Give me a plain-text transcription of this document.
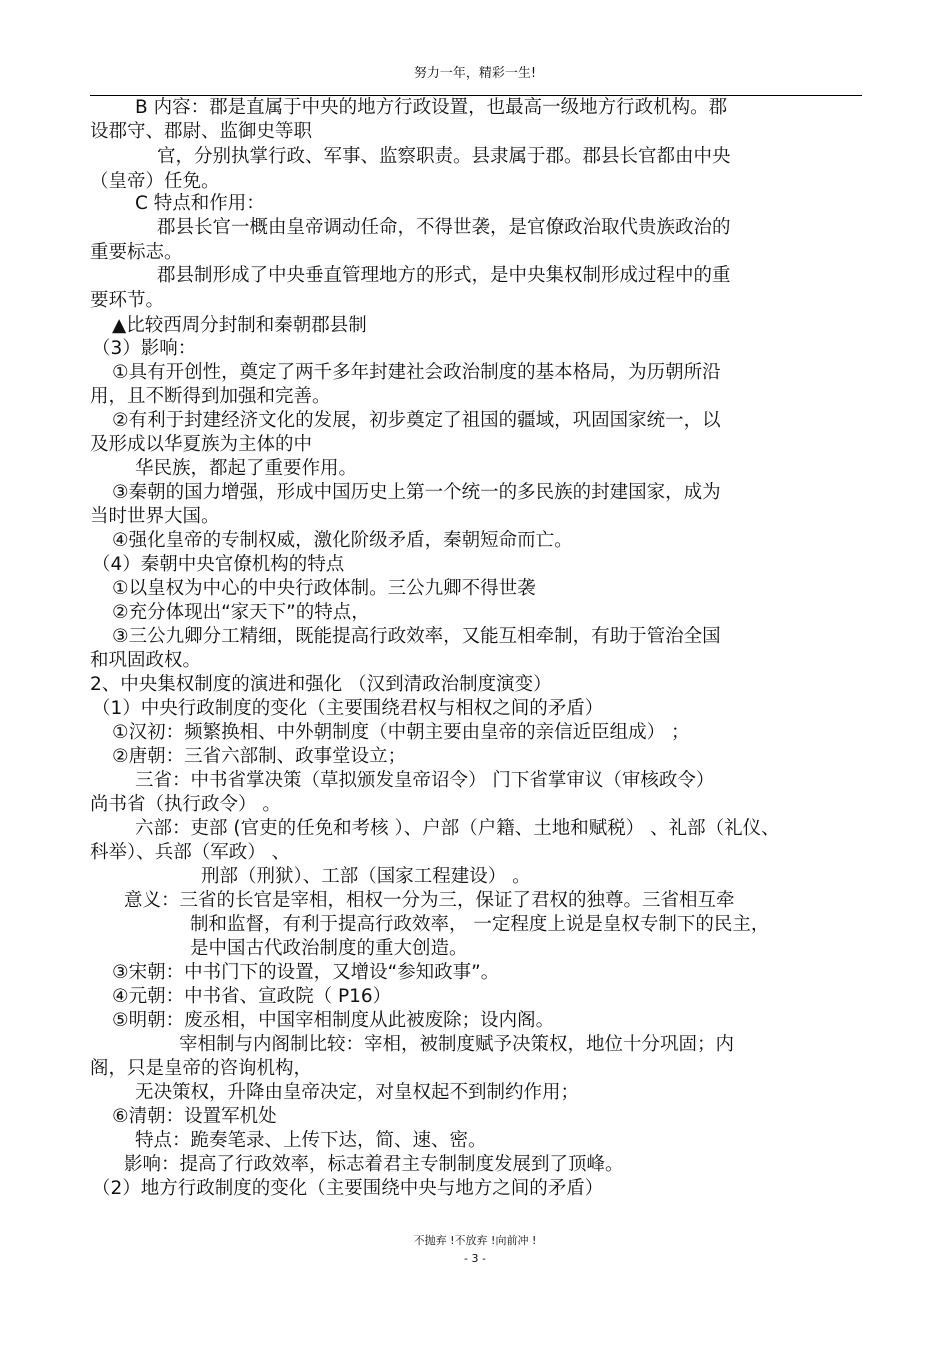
努力一年，精彩一生!
B 内容：郡是直属于中央的地方行政设置，也最高一级地方行政机构。郡
设郡守、郡尉、监御史等职
官，分别执掌行政、军事、监察职责。县隶属于郡。郡县长官都由中央
（皇帝）任免。
C 特点和作用：
郡县长官一概由皇帝调动任命，不得世袭，是官僚政治取代贵族政治的
重要标志。
郡县制形成了中央垂直管理地方的形式，是中央集权制形成过程中的重
要环节。
▲比较西周分封制和秦朝郡县制
（3）影响：
①具有开创性，奠定了两千多年封建社会政治制度的基本格局，为历朝所沿
用，且不断得到加强和完善。
②有利于封建经济文化的发展，初步奠定了祖国的疆域，巩固国家统一，以
及形成以华夏族为主体的中
华民族，都起了重要作用。
③秦朝的国力增强，形成中国历史上第一个统一的多民族的封建国家，成为
当时世界大国。
④强化皇帝的专制权威，激化阶级矛盾，秦朝短命而亡。
（4）秦朝中央官僚机构的特点
①以皇权为中心的中央行政体制。三公九卿不得世袭
②充分体现出“家天下”的特点，
③三公九卿分工精细，既能提高行政效率，又能互相牵制，有助于管治全国
和巩固政权。
2、中央集权制度的演进和强化 （汉到清政治制度演变）
（1）中央行政制度的变化（主要围绕君权与相权之间的矛盾）
①汉初：频繁换相、中外朝制度（中朝主要由皇帝的亲信近臣组成） ；
②唐朝：三省六部制、政事堂设立；
三省：中书省掌决策（草拟颁发皇帝诏令） 门下省掌审议（审核政令）
尚书省（执行政令） 。
六部：吏部 (官吏的任免和考核 ）、户部（户籍、土地和赋税） 、礼部（礼仪、
科举）、兵部（军政） 、
刑部（刑狱）、工部（国家工程建设） 。
意义：三省的长官是宰相，相权一分为三，保证了君权的独尊。三省相互牵
制和监督，有利于提高行政效率， 一定程度上说是皇权专制下的民主，
是中国古代政治制度的重大创造。
③宋朝：中书门下的设置，又增设“参知政事”。
④元朝：中书省、宣政院（ P16）
⑤明朝：废丞相，中国宰相制度从此被废除；设内阁。
宰相制与内阁制比较：宰相，被制度赋予决策权，地位十分巩固；内
阁，只是皇帝的咨询机构，
无决策权，升降由皇帝决定，对皇权起不到制约作用；
⑥清朝：设置军机处
特点：跪奏笔录、上传下达，简、速、密。
影响：提高了行政效率，标志着君主专制制度发展到了顶峰。
（2）地方行政制度的变化（主要围绕中央与地方之间的矛盾）
不抛弃 !不放弃 !向前冲 !
- 3 -
